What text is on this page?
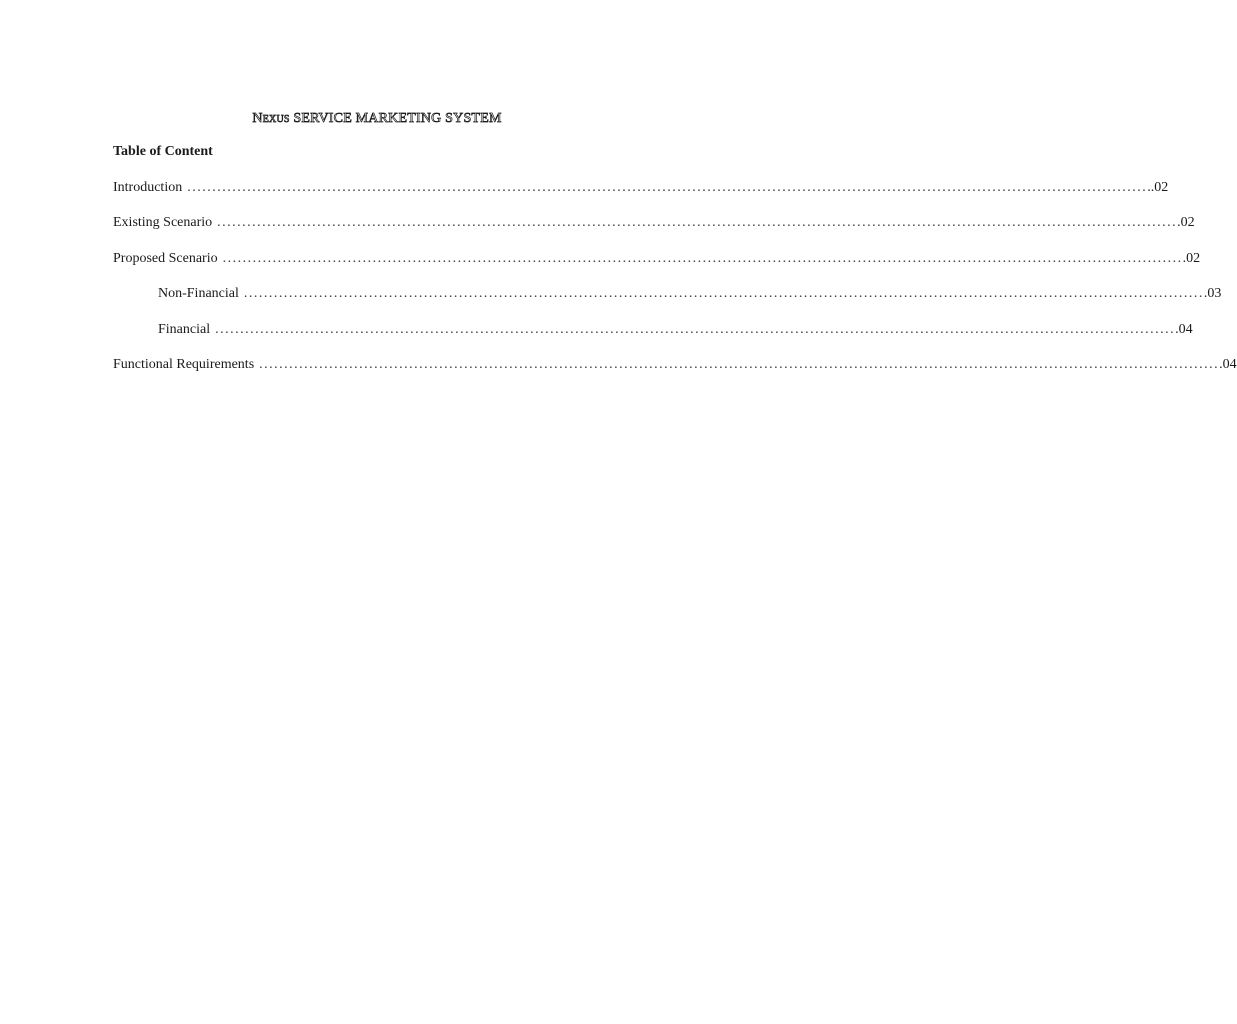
Nexus SERVICE MARKETING SYSTEM
Table of Content
Introduction ................................................................................................................................................................................................ ..02
Existing Scenario ................................................................................................................................................................................................ .02
Proposed Scenario ................................................................................................................................................................................................ .02
Non-Financial ................................................................................................................................................................................................ .03
Financial ................................................................................................................................................................................................ .04
Functional Requirements ................................................................................................................................................................................................ .04
